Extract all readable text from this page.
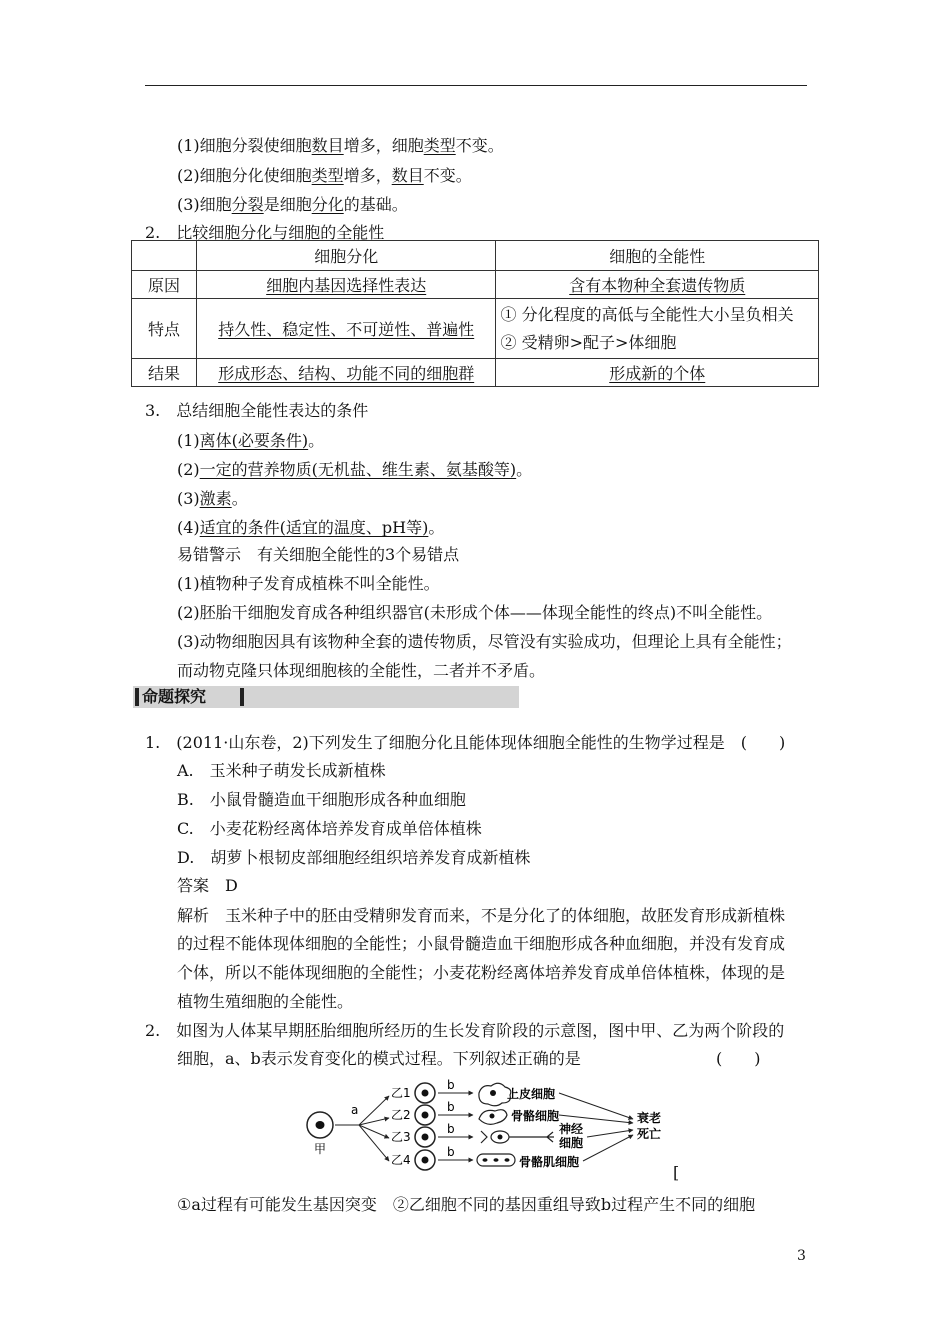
(1)细胞分裂使细胞数目增多，细胞类型不变。
(2)细胞分化使细胞类型增多，数目不变。
(3)细胞分裂是细胞分化的基础。
2.　比较细胞分化与细胞的全能性
	细胞分化	细胞的全能性
原因	细胞内基因选择性表达	含有本物种全套遗传物质
特点	持久性、稳定性、不可逆性、普遍性	① 分化程度的高低与全能性大小呈负相关
② 受精卵>配子>体细胞

结果	形成形态、结构、功能不同的细胞群	形成新的个体
3.　总结细胞全能性表达的条件
(1)离体(必要条件)。
(2)一定的营养物质(无机盐、维生素、氨基酸等)。
(3)激素。
(4)适宜的条件(适宜的温度、pH等)。
易错警示　有关细胞全能性的3个易错点
(1)植物种子发育成植株不叫全能性。
(2)胚胎干细胞发育成各种组织器官(未形成个体——体现全能性的终点)不叫全能性。
(3)动物细胞因具有该物种全套的遗传物质，尽管没有实验成功，但理论上具有全能性；
而动物克隆只体现细胞核的全能性，二者并不矛盾。
命题探究
1.　(2011·山东卷，2)下列发生了细胞分化且能体现体细胞全能性的生物学过程是　(　　)
A.　玉米种子萌发长成新植株
B.　小鼠骨髓造血干细胞形成各种血细胞
C.　小麦花粉经离体培养发育成单倍体植株
D.　胡萝卜根韧皮部细胞经组织培养发育成新植株
答案　D
解析　玉米种子中的胚由受精卵发育而来，不是分化了的体细胞，故胚发育形成新植株
的过程不能体现体细胞的全能性；小鼠骨髓造血干细胞形成各种血细胞，并没有发育成
个体，所以不能体现细胞的全能性；小麦花粉经离体培养发育成单倍体植株，体现的是
植物生殖细胞的全能性。
2.　如图为人体某早期胚胎细胞所经历的生长发育阶段的示意图，图中甲、乙为两个阶段的
细胞，a、b表示发育变化的模式过程。下列叙述正确的是	(　　)
甲
a
乙1
乙2
乙3
乙4
b
b
b
b
上皮细胞
骨骼细胞
神经
细胞
骨骼肌细胞
衰老
死亡
[
①a过程有可能发生基因突变　②乙细胞不同的基因重组导致b过程产生不同的细胞
3
